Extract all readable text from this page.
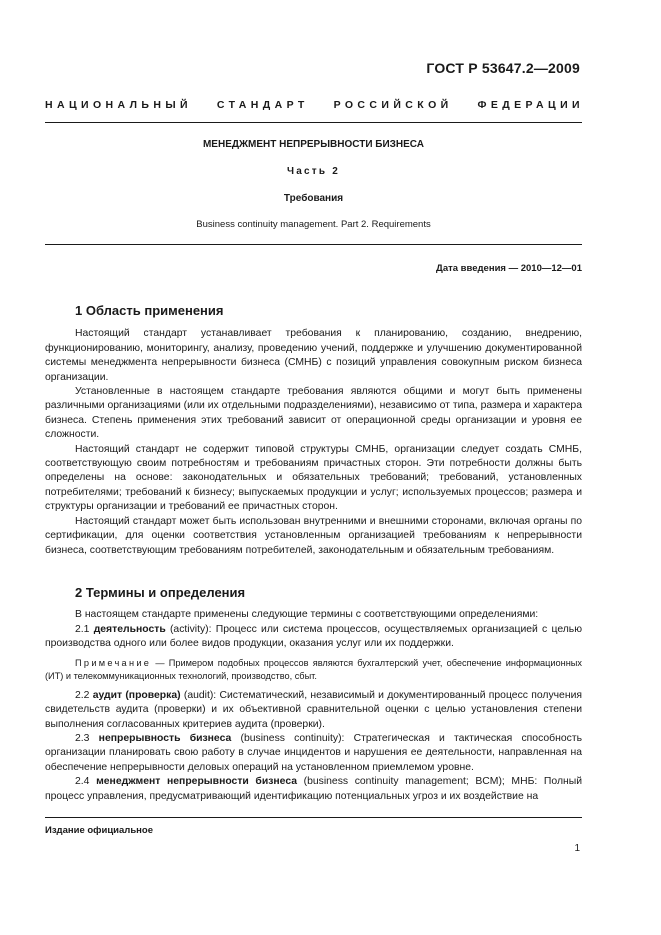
ГОСТ Р 53647.2—2009
НАЦИОНАЛЬНЫЙ СТАНДАРТ РОССИЙСКОЙ ФЕДЕРАЦИИ
МЕНЕДЖМЕНТ НЕПРЕРЫВНОСТИ БИЗНЕСА
Часть 2
Требования
Business continuity management. Part 2. Requirements
Дата введения — 2010—12—01
1 Область применения

Настоящий стандарт устанавливает требования к планированию, созданию, внедрению, функционированию, мониторингу, анализу, проведению учений, поддержке и улучшению документированной системы менеджмента непрерывности бизнеса (СМНБ) с позиций управления совокупным риском бизнеса организации.

Установленные в настоящем стандарте требования являются общими и могут быть применены различными организациями (или их отдельными подразделениями), независимо от типа, размера и характера бизнеса. Степень применения этих требований зависит от операционной среды организации и уровня ее сложности.

Настоящий стандарт не содержит типовой структуры СМНБ, организации следует создать СМНБ, соответствующую своим потребностям и требованиям причастных сторон. Эти потребности должны быть определены на основе: законодательных и обязательных требований; требований, установленных потребителями; требований к бизнесу; выпускаемых продукции и услуг; используемых процессов; размера и структуры организации и требований ее причастных сторон.

Настоящий стандарт может быть использован внутренними и внешними сторонами, включая органы по сертификации, для оценки соответствия установленным организацией требованиям к непрерывности бизнеса, соответствующим требованиям потребителей, законодательным и обязательным требованиям.

2 Термины и определения

В настоящем стандарте применены следующие термины с соответствующими определениями:

2.1 деятельность (activity): Процесс или система процессов, осуществляемых организацией с целью производства одного или более видов продукции, оказания услуг или их поддержки.

Примечание — Примером подобных процессов являются бухгалтерский учет, обеспечение информационных (ИТ) и телекоммуникационных технологий, производство, сбыт.

2.2 аудит (проверка) (audit): Систематический, независимый и документированный процесс получения свидетельств аудита (проверки) и их объективной сравнительной оценки с целью установления степени выполнения согласованных критериев аудита (проверки).

2.3 непрерывность бизнеса (business continuity): Стратегическая и тактическая способность организации планировать свою работу в случае инцидентов и нарушения ее деятельности, направленная на обеспечение непрерывности деловых операций на установленном приемлемом уровне.

2.4 менеджмент непрерывности бизнеса (business continuity management; BCM); МНБ: Полный процесс управления, предусматривающий идентификацию потенциальных угроз и их воздействие на

Издание официальное
1
